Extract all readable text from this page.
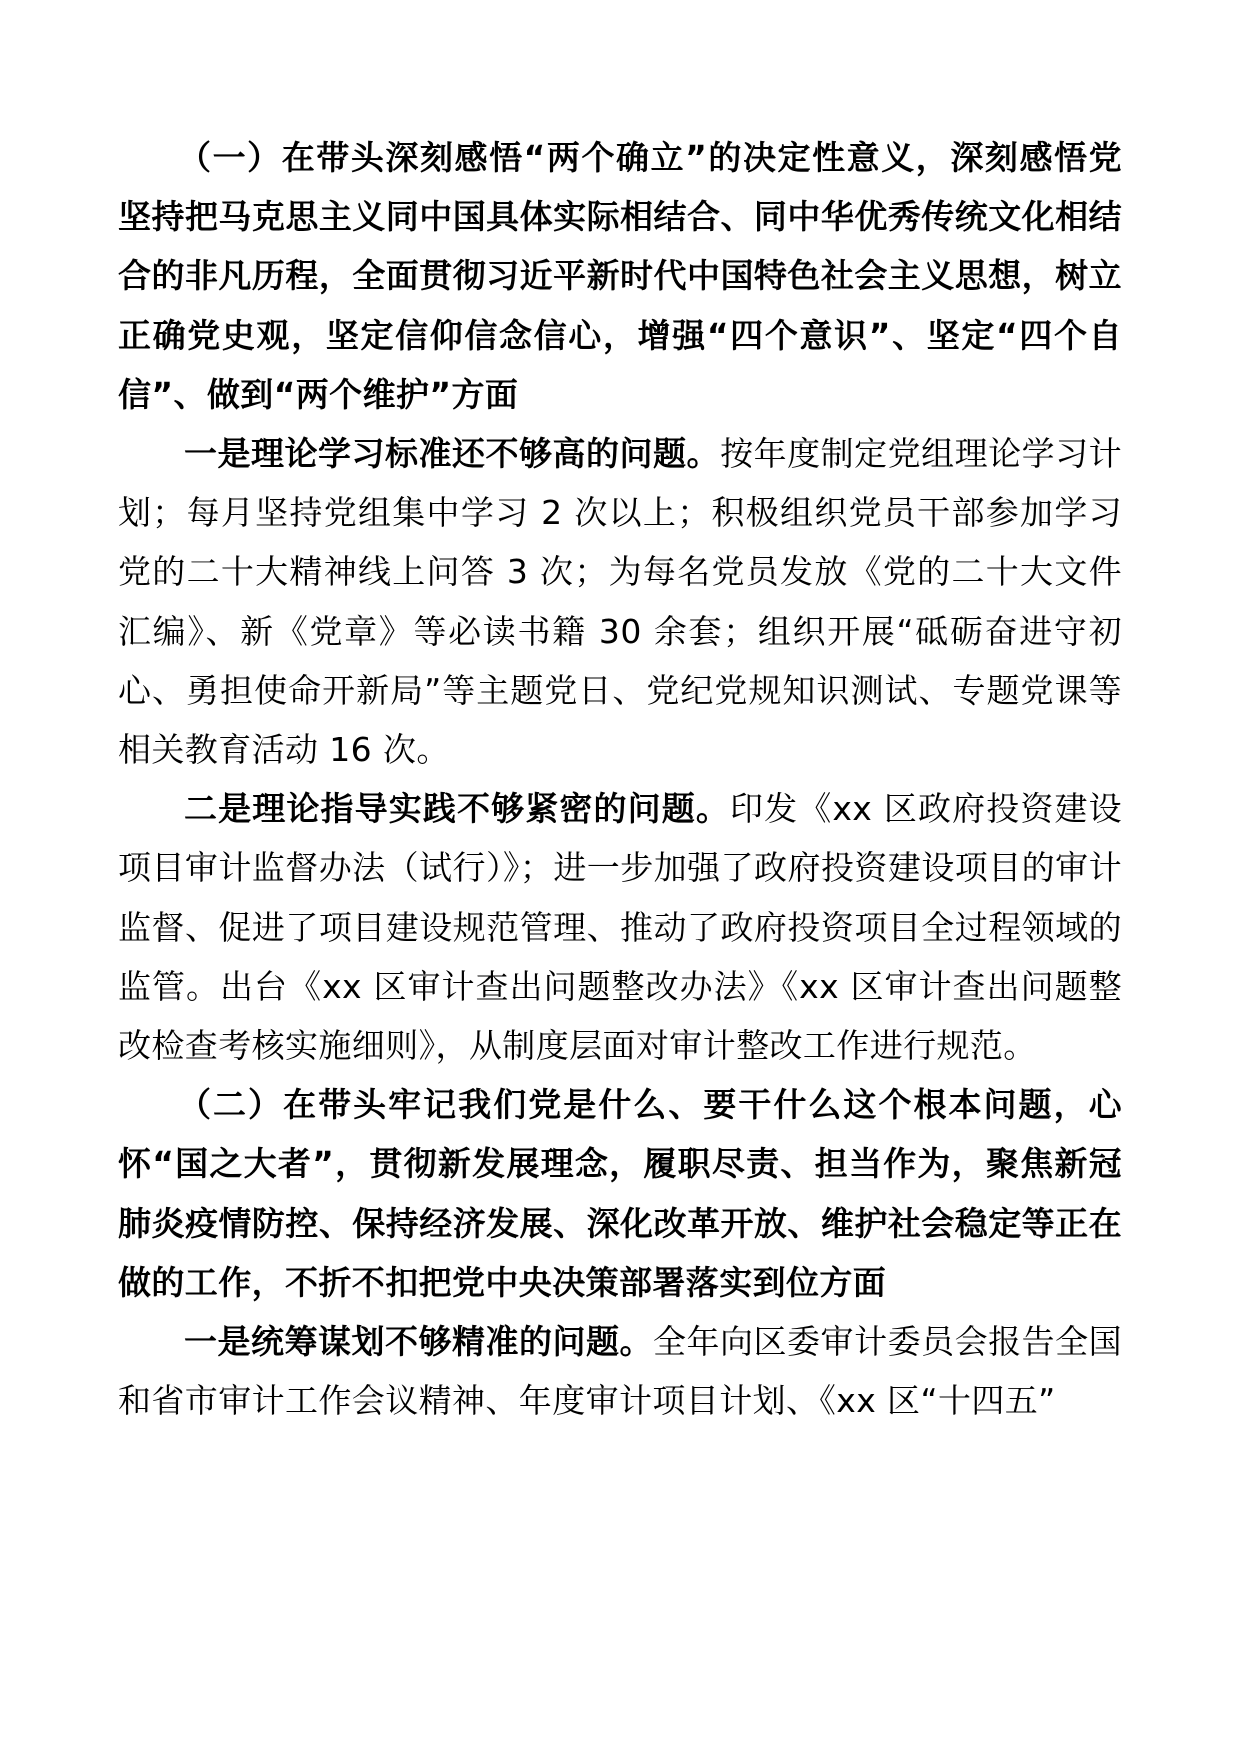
（一）在带头深刻感悟“两个确立”的决定性意义，深刻感悟党坚持把马克思主义同中国具体实际相结合、同中华优秀传统文化相结合的非凡历程，全面贯彻习近平新时代中国特色社会主义思想，树立正确党史观，坚定信仰信念信心，增强“四个意识”、坚定“四个自信”、做到“两个维护”方面

一是理论学习标准还不够高的问题。按年度制定党组理论学习计划；每月坚持党组集中学习 2 次以上；积极组织党员干部参加学习党的二十大精神线上问答 3 次；为每名党员发放《党的二十大文件汇编》、新《党章》等必读书籍 30 余套；组织开展“砥砺奋进守初心、勇担使命开新局”等主题党日、党纪党规知识测试、专题党课等相关教育活动 16 次。

二是理论指导实践不够紧密的问题。印发《xx 区政府投资建设项目审计监督办法（试行）》；进一步加强了政府投资建设项目的审计监督、促进了项目建设规范管理、推动了政府投资项目全过程领域的监管。出台《xx 区审计查出问题整改办法》《xx 区审计查出问题整改检查考核实施细则》，从制度层面对审计整改工作进行规范。

（二）在带头牢记我们党是什么、要干什么这个根本问题，心怀“国之大者”，贯彻新发展理念，履职尽责、担当作为，聚焦新冠肺炎疫情防控、保持经济发展、深化改革开放、维护社会稳定等正在做的工作，不折不扣把党中央决策部署落实到位方面

一是统筹谋划不够精准的问题。全年向区委审计委员会报告全国和省市审计工作会议精神、年度审计项目计划、《xx 区“十四五”
